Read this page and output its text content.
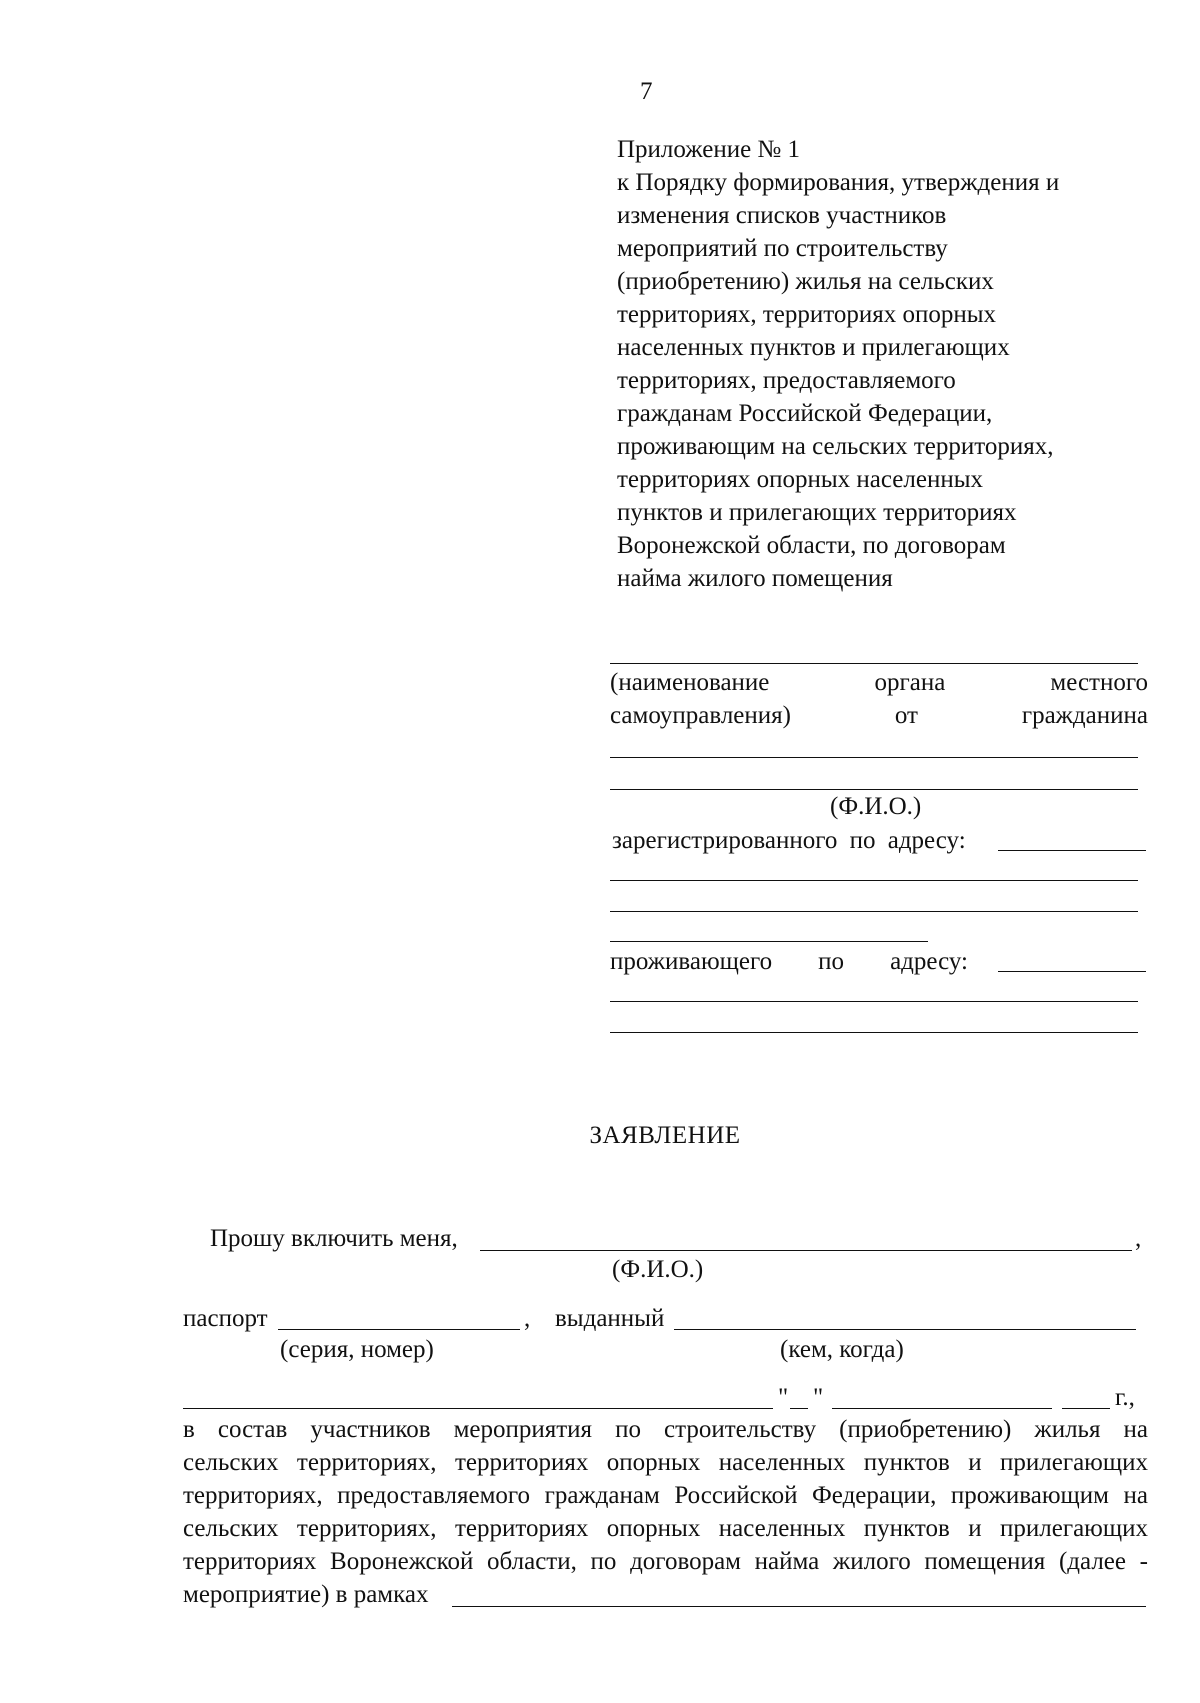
7
Приложение № 1
к Порядку формирования, утверждения и
изменения списков участников
мероприятий по строительству
(приобретению) жилья на сельских
территориях, территориях опорных
населенных пунктов и прилегающих
территориях, предоставляемого
гражданам Российской Федерации,
проживающим на сельских территориях,
территориях опорных населенных
пунктов и прилегающих территориях
Воронежской области, по договорам
найма жилого помещения
(наименование	органа	местного
самоуправления)	от	гражданина
(Ф.И.О.)
зарегистрированного по адресу:
проживающего по адресу:
ЗАЯВЛЕНИЕ
Прошу включить меня,	,
(Ф.И.О.)
паспорт	, выданный
(серия, номер)	(кем, когда)
" "	г.,
в состав участников мероприятия по строительству (приобретению) жилья на
сельских территориях, территориях опорных населенных пунктов и прилегающих
территориях, предоставляемого гражданам Российской Федерации, проживающим на
сельских территориях, территориях опорных населенных пунктов и прилегающих
территориях Воронежской области, по договорам найма жилого помещения (далее -
мероприятие) в рамках
